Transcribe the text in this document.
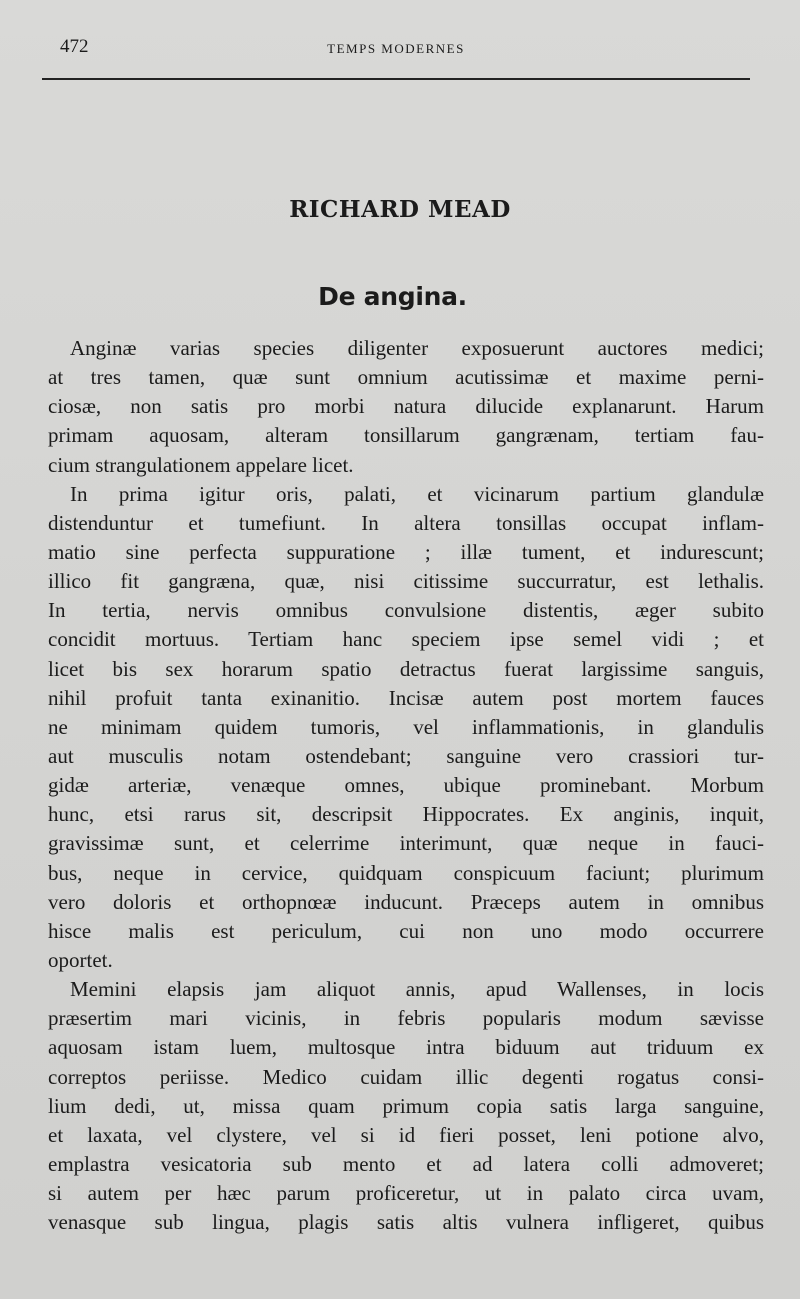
472	TEMPS MODERNES
RICHARD MEAD
De angina.
Anginæ varias species diligenter exposuerunt auctores medici;
at tres tamen, quæ sunt omnium acutissimæ et maxime perni-
ciosæ, non satis pro morbi natura dilucide explanarunt. Harum
primam aquosam, alteram tonsillarum gangrænam, tertiam fau-
cium strangulationem appelare licet.
In prima igitur oris, palati, et vicinarum partium glandulæ
distenduntur et tumefiunt. In altera tonsillas occupat inflam-
matio sine perfecta suppuratione ; illæ tument, et indurescunt;
illico fit gangræna, quæ, nisi citissime succurratur, est lethalis.
In tertia, nervis omnibus convulsione distentis, æger subito
concidit mortuus. Tertiam hanc speciem ipse semel vidi ; et
licet bis sex horarum spatio detractus fuerat largissime sanguis,
nihil profuit tanta exinanitio. Incisæ autem post mortem fauces
ne minimam quidem tumoris, vel inflammationis, in glandulis
aut musculis notam ostendebant; sanguine vero crassiori tur-
gidæ arteriæ, venæque omnes, ubique prominebant. Morbum
hunc, etsi rarus sit, descripsit Hippocrates. Ex anginis, inquit,
gravissimæ sunt, et celerrime interimunt, quæ neque in fauci-
bus, neque in cervice, quidquam conspicuum faciunt; plurimum
vero doloris et orthopnœæ inducunt. Præceps autem in omnibus
hisce malis est periculum, cui non uno modo occurrere
oportet.
Memini elapsis jam aliquot annis, apud Wallenses, in locis
præsertim mari vicinis, in febris popularis modum sævisse
aquosam istam luem, multosque intra biduum aut triduum ex
correptos periisse. Medico cuidam illic degenti rogatus consi-
lium dedi, ut, missa quam primum copia satis larga sanguine,
et laxata, vel clystere, vel si id fieri posset, leni potione alvo,
emplastra vesicatoria sub mento et ad latera colli admoveret;
si autem per hæc parum proficeretur, ut in palato circa uvam,
venasque sub lingua, plagis satis altis vulnera infligeret, quibus
